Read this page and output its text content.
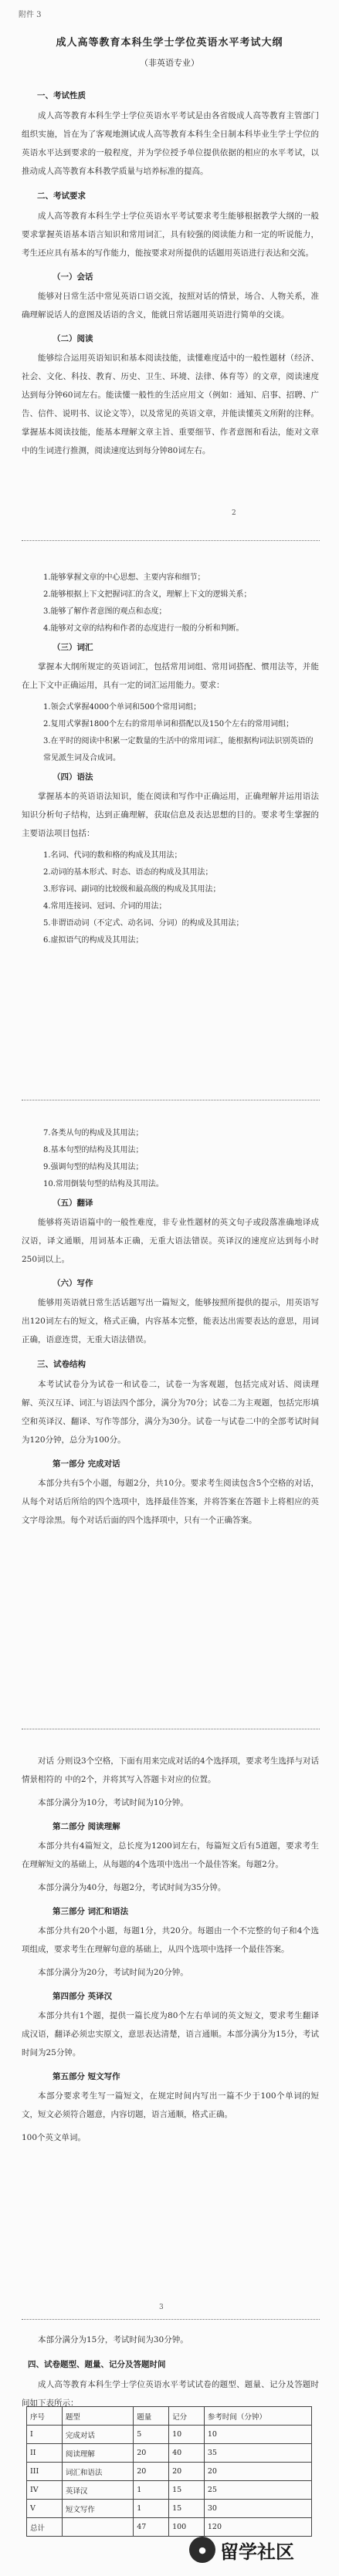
附件 3
成人高等教育本科生学士学位英语水平考试大纲
（非英语专业）
一、考试性质
成人高等教育本科生学士学位英语水平考试是由各省级成人高等教育主管部门组织实施，旨在为了客观地测试成人高等教育本科生全日制本科毕业生学士学位的英语水平达到要求的一般程度，并为学位授予单位提供依据的相应的水平考试，以推动成人高等教育本科教学质量与培养标准的提高。
二、考试要求
成人高等教育本科生学士学位英语水平考试要求考生能够根据教学大纲的一般要求掌握英语基本语言知识和常用词汇，具有较强的阅读能力和一定的听说能力，考生还应具有基本的写作能力，能按要求对所提供的话题用英语进行表达和交流。
（一）会话
能够对日常生活中常见英语口语交流，按照对话的情景，场合、人物关系，准确理解说话人的意图及话语的含义，能就日常话题用英语进行简单的交谈。
（二）阅读
能够综合运用英语知识和基本阅读技能，读懂难度适中的一般性题材（经济、社会、文化、科技、教育、历史、卫生、环境、法律、体育等）的文章，阅读速度达到每分钟60词左右。能读懂一般性的生活应用文（例如：通知、启事、招聘、广告、信件、说明书、议论文等），以及常见的英语文章，并能读懂英文所附的注释。掌握基本阅读技能，能基本理解文章主旨、重要细节、作者意图和看法，能对文章中的生词进行推测，阅读速度达到每分钟80词左右。
2
1.能够掌握文章的中心思想、主要内容和细节；
2.能够根据上下文把握词汇的含义，理解上下文的逻辑关系；
3.能够了解作者意图的观点和态度；
4.能够对文章的结构和作者的态度进行一般的分析和判断。
（三）词汇
掌握本大纲所规定的英语词汇，包括常用词组、常用词搭配、惯用法等，并能在上下文中正确运用，具有一定的词汇运用能力。要求：
1.领会式掌握4000个单词和500个常用词组；
2.复用式掌握1800个左右的常用单词和搭配以及150个左右的常用词组；
3.在平时的阅读中积累一定数量的生活中的常用词汇，能根据构词法识别英语的常见派生词及合成词。
（四）语法
掌握基本的英语语法知识，能在阅读和写作中正确运用，正确理解并运用语法知识分析句子结构，达到正确理解，获取信息及表达思想的目的。要求考生掌握的主要语法项目包括：
1.名词、代词的数和格的构成及其用法；
2.动词的基本形式、时态、语态的构成及其用法；
3.形容词、副词的比较级和最高级的构成及其用法；
4.常用连接词、冠词、介词的用法；
5.非谓语动词（不定式、动名词、分词）的构成及其用法；
6.虚拟语气的构成及其用法；
7.各类从句的构成及其用法；
8.基本句型的结构及其用法；
9.强调句型的结构及其用法；
10.常用倒装句型的结构及其用法。
（五）翻译
能够将英语语篇中的一般性难度，非专业性题材的英文句子或段落准确地译成汉语，译文通顺，用词基本正确，无重大语法错误。英译汉的速度应达到每小时250词以上。
（六）写作
能够用英语就日常生活话题写出一篇短文，能够按照所提供的提示，用英语写出120词左右的短文，格式正确，内容基本完整，能表达出需要表达的意思，用词正确，语意连贯，无重大语法错误。
三、试卷结构
本考试试卷分为试卷一和试卷二，试卷一为客观题，包括完成对话、阅读理解、英汉互译、词汇与语法四个部分，满分为70分；试卷二为主观题，包括完形填空和英译汉、翻译、写作等部分，满分为30分。试卷一与试卷二中的全部考试时间为120分钟，总分为100分。
第一部分 完成对话
本部分共有5个小题，每题2分，共10分。要求考生阅读包含5个空格的对话，从每个对话后所给的四个选项中，选择最佳答案，并将答案在答题卡上将相应的英文字母涂黑。每个对话后面的四个选择项中，只有一个正确答案。
对话 分则设3个空格，下面有用来完成对话的4个选择项，要求考生选择与对话情景相符的 中的2个，并将其写入答题卡对应的位置。
本部分满分为10分，考试时间为10分钟。
第二部分 阅读理解
本部分共有4篇短文，总长度为1200词左右，每篇短文后有5道题，要求考生在理解短文的基础上，从每题的4个选项中选出一个最佳答案。每题2分。
本部分满分为40分，每题2分，考试时间为35分钟。
第三部分 词汇和语法
本部分共有20个小题，每题1分，共20分。每题由一个不完整的句子和4个选项组成，要求考生在理解句意的基础上，从四个选项中选择一个最佳答案。
本部分满分为20分，考试时间为20分钟。
第四部分 英译汉
本部分共有1个题，提供一篇长度为80个左右单词的英文短文，要求考生翻译成汉语，翻译必须忠实原文，意思表达清楚，语言通顺。本部分满分为15分，考试时间为25分钟。
第五部分 短文写作
本部分要求考生写一篇短文，在规定时间内写出一篇不少于100个单词的短文，短文必须符合题意，内容切题，语言通顺，格式正确。
100个英文单词。
3
本部分满分为15分，考试时间为30分钟。
四、试卷题型、题量、记分及答题时间
成人高等教育本科生学士学位英语水平考试试卷的题型、题量、记分及答题时间如下表所示：
序号	题型	题量	记分	参考时间（分钟）
I	完成对话	5	10	10
II	阅读理解	20	40	35
III	词汇和语法	20	20	20
IV	英译汉	1	15	25
V	短文写作	1	15	30
总计		47	100	120
● 留学社区
